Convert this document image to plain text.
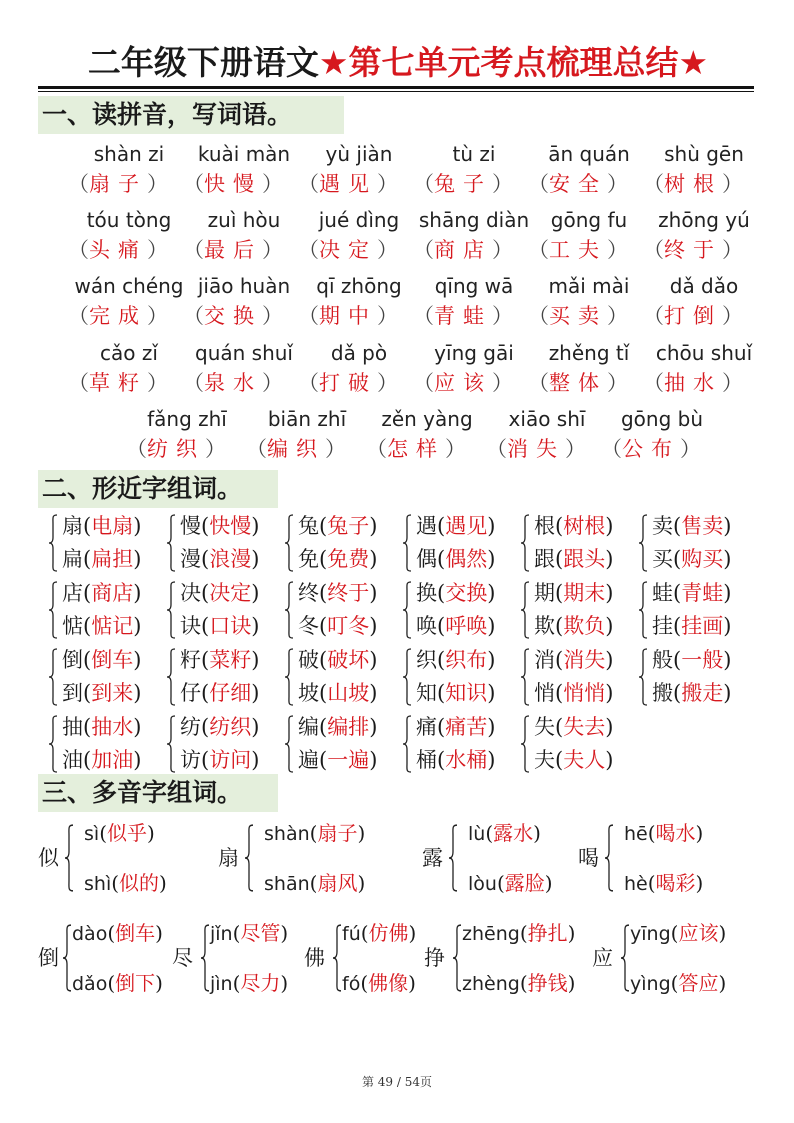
二年级下册语文★第七单元考点梳理总结★
一、读拼音，写词语。
shàn zi
（扇子）
kuài màn
（快慢）
yù jiàn
（遇见）
tù zi
（兔子）
ān quán
（安全）
shù gēn
（树根）
tóu tòng
（头痛）
zuì hòu
（最后）
jué dìng
（决定）
shāng diàn
（商店）
gōng fu
（工夫）
zhōng yú
（终于）
wán chéng
（完成）
jiāo huàn
（交换）
qī zhōng
（期中）
qīng wā
（青蛙）
mǎi mài
（买卖）
dǎ dǎo
（打倒）
cǎo zǐ
（草籽）
quán shuǐ
（泉水）
dǎ pò
（打破）
yīng gāi
（应该）
zhěng tǐ
（整体）
chōu shuǐ
（抽水）
fǎng zhī
（纺织）
biān zhī
（编织）
zěn yàng
（怎样）
xiāo shī
（消失）
gōng bù
（公布）
二、形近字组词。
扇(电扇)
扁(扁担)
慢(快慢)
漫(浪漫)
兔(兔子)
免(免费)
遇(遇见)
偶(偶然)
根(树根)
跟(跟头)
卖(售卖)
买(购买)
店(商店)
惦(惦记)
决(决定)
诀(口诀)
终(终于)
冬(叮冬)
换(交换)
唤(呼唤)
期(期末)
欺(欺负)
蛙(青蛙)
挂(挂画)
倒(倒车)
到(到来)
籽(菜籽)
仔(仔细)
破(破坏)
坡(山坡)
织(织布)
知(知识)
消(消失)
悄(悄悄)
般(一般)
搬(搬走)
抽(抽水)
油(加油)
纺(纺织)
访(访问)
编(编排)
遍(一遍)
痛(痛苦)
桶(水桶)
失(失去)
夫(夫人)
三、多音字组词。
似
sì(似乎)
shì(似的)
扇
shàn(扇子)
shān(扇风)
露
lù(露水)
lòu(露脸)
喝
hē(喝水)
hè(喝彩)
倒
dào(倒车)
dǎo(倒下)
尽
jǐn(尽管)
jìn(尽力)
佛
fú(仿佛)
fó(佛像)
挣
zhēng(挣扎)
zhèng(挣钱)
应
yīng(应该)
yìng(答应)
第 49 / 54页
